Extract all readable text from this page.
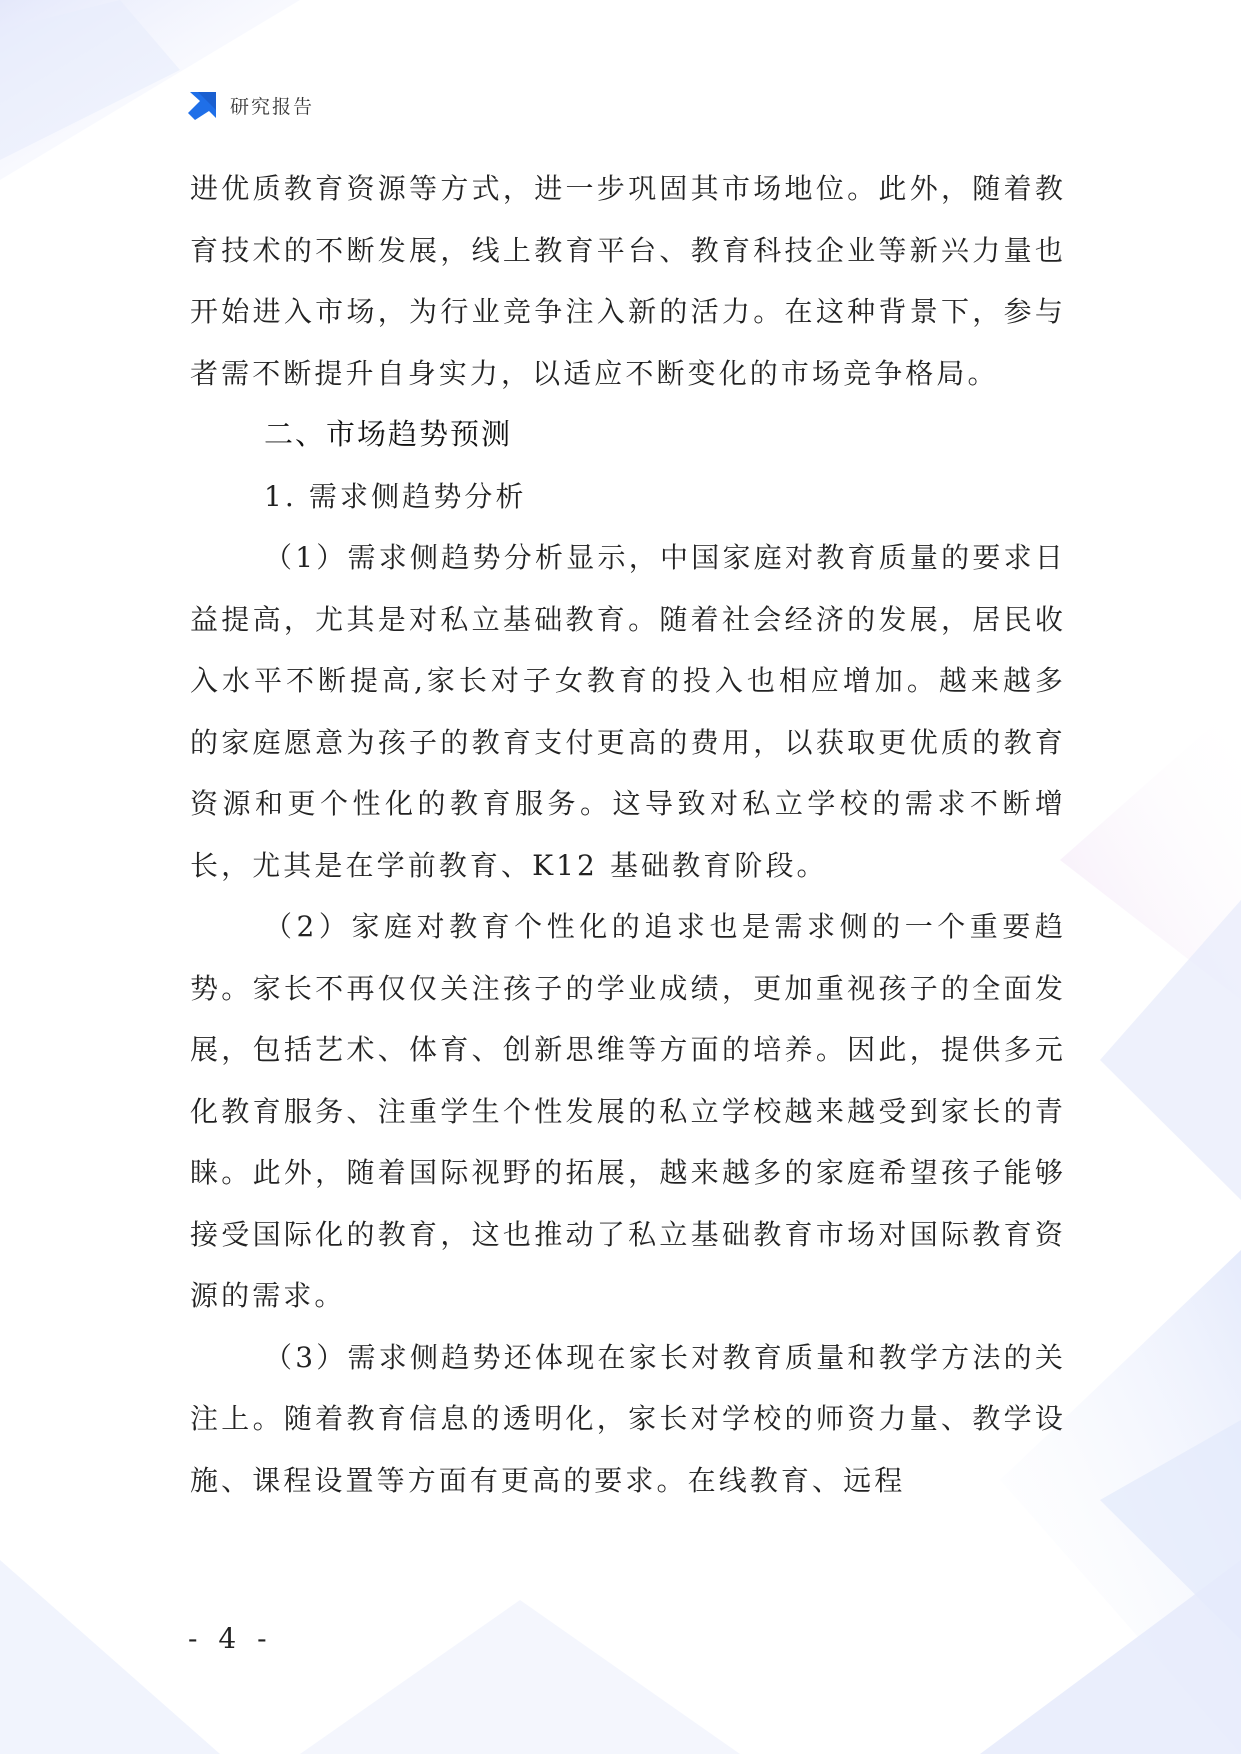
研究报告

进优质教育资源等方式，进一步巩固其市场地位。此外，随着教育技术的不断发展，线上教育平台、教育科技企业等新兴力量也开始进入市场，为行业竞争注入新的活力。在这种背景下，参与者需不断提升自身实力，以适应不断变化的市场竞争格局。

二、市场趋势预测

1. 需求侧趋势分析

（1）需求侧趋势分析显示，中国家庭对教育质量的要求日益提高，尤其是对私立基础教育。随着社会经济的发展，居民收入水平不断提高,家长对子女教育的投入也相应增加。越来越多的家庭愿意为孩子的教育支付更高的费用，以获取更优质的教育资源和更个性化的教育服务。这导致对私立学校的需求不断增长，尤其是在学前教育、K12 基础教育阶段。

（2）家庭对教育个性化的追求也是需求侧的一个重要趋势。家长不再仅仅关注孩子的学业成绩，更加重视孩子的全面发展，包括艺术、体育、创新思维等方面的培养。因此，提供多元化教育服务、注重学生个性发展的私立学校越来越受到家长的青睐。此外，随着国际视野的拓展，越来越多的家庭希望孩子能够接受国际化的教育，这也推动了私立基础教育市场对国际教育资源的需求。

（3）需求侧趋势还体现在家长对教育质量和教学方法的关注上。随着教育信息的透明化，家长对学校的师资力量、教学设施、课程设置等方面有更高的要求。在线教育、远程

- 4 -
